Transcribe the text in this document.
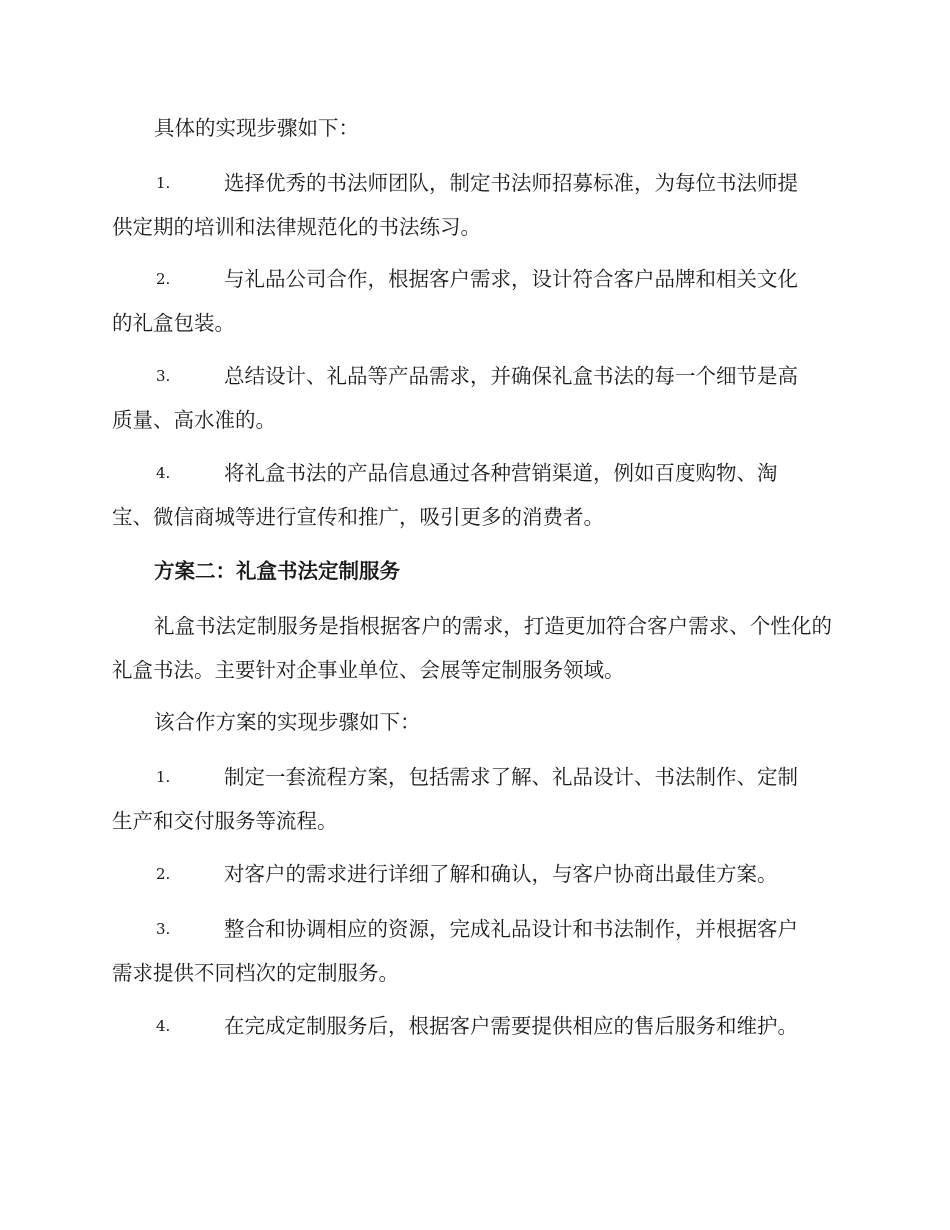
具体的实现步骤如下：

1.	选择优秀的书法师团队，制定书法师招募标准，为每位书法师提
供定期的培训和法律规范化的书法练习。
2.	与礼品公司合作，根据客户需求，设计符合客户品牌和相关文化
的礼盒包装。
3.	总结设计、礼品等产品需求，并确保礼盒书法的每一个细节是高
质量、高水准的。
4.	将礼盒书法的产品信息通过各种营销渠道，例如百度购物、淘
宝、微信商城等进行宣传和推广，吸引更多的消费者。

方案二：礼盒书法定制服务

礼盒书法定制服务是指根据客户的需求，打造更加符合客户需求、个性化的礼盒书法。主要针对企事业单位、会展等定制服务领域。

该合作方案的实现步骤如下：

1.	制定一套流程方案，包括需求了解、礼品设计、书法制作、定制
生产和交付服务等流程。
2.	对客户的需求进行详细了解和确认，与客户协商出最佳方案。
3.	整合和协调相应的资源，完成礼品设计和书法制作，并根据客户
需求提供不同档次的定制服务。
4.	在完成定制服务后，根据客户需要提供相应的售后服务和维护。
